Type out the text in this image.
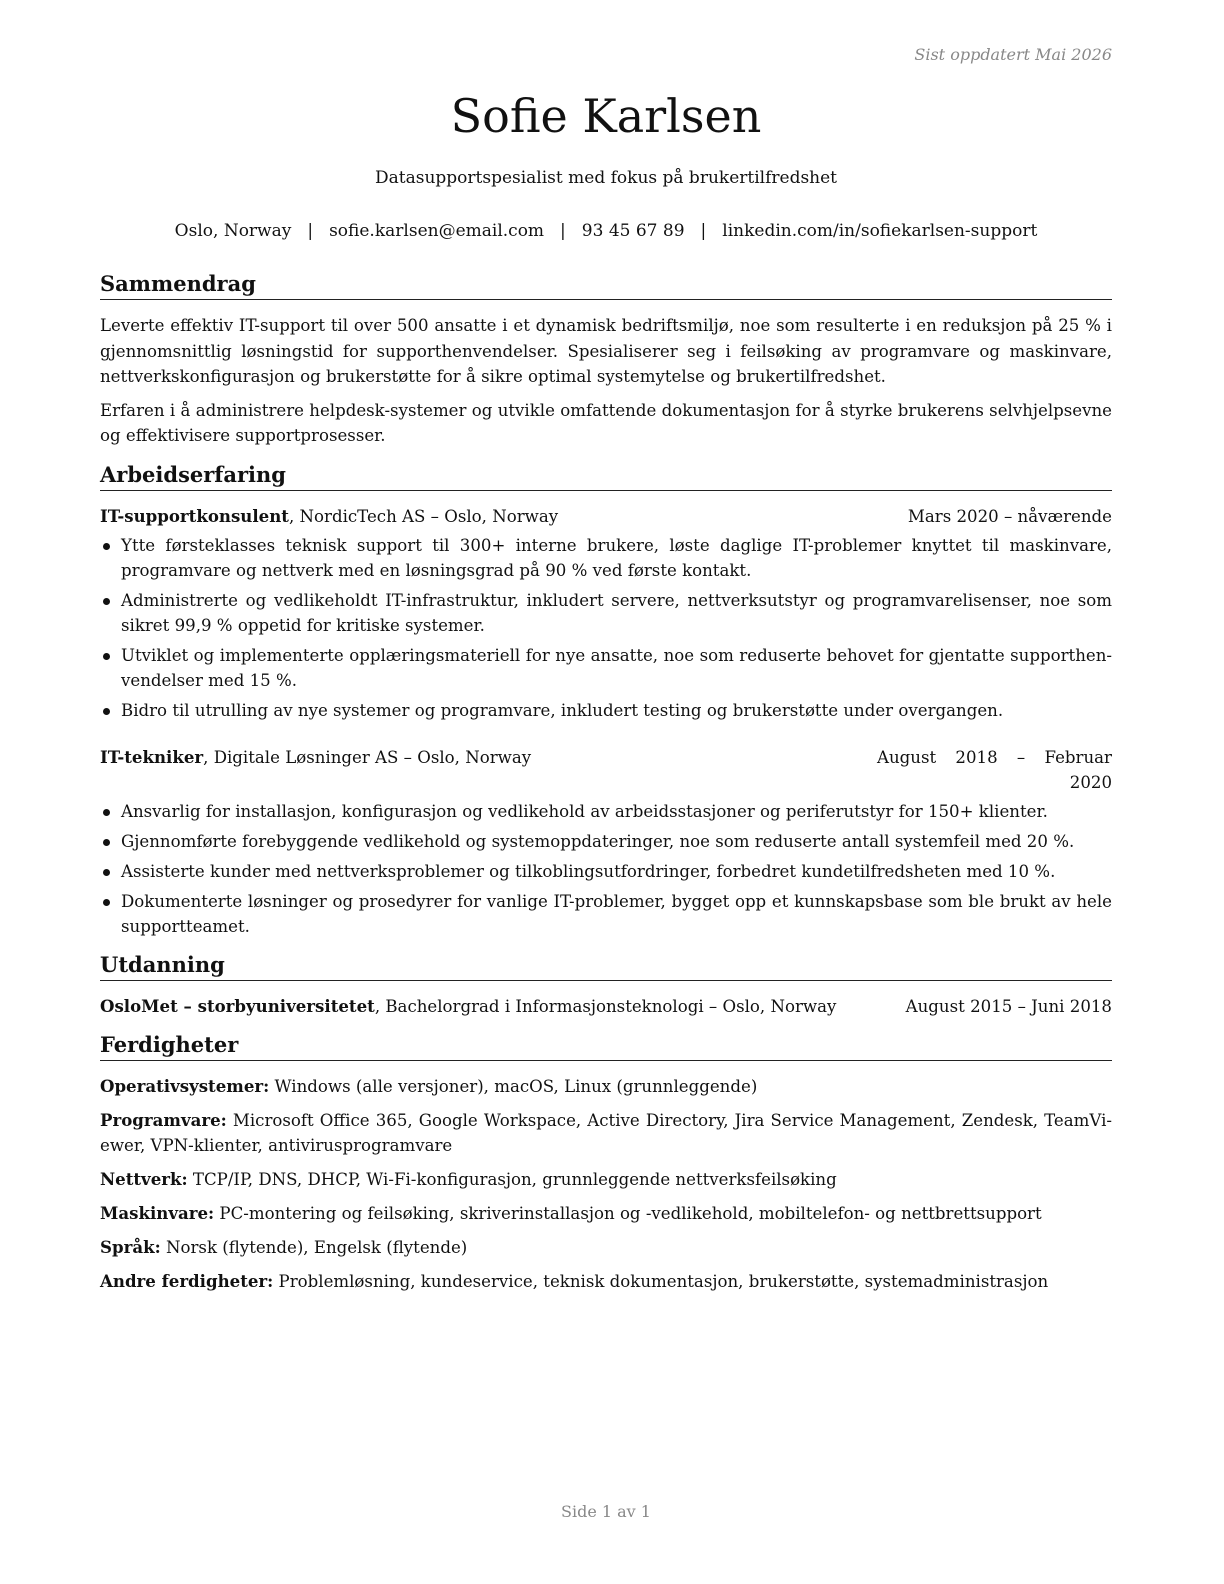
Sist oppdatert Mai 2026
Sofie Karlsen
Datasupportspesialist med fokus på brukertilfredshet
Oslo, Norway | sofie.karlsen@email.com | 93 45 67 89 | linkedin.com/in/sofiekarlsen-support
Sammendrag

Leverte effektiv IT-support til over 500 ansatte i et dynamisk bedriftsmiljø, noe som resulterte i en reduksjon på 25 % i gjennomsnittlig løsningstid for supporthenvendelser. Spesialiserer seg i feilsøking av programvare og maskinvare, nettverkskonfigurasjon og brukerstøtte for å sikre optimal systemytelse og brukertilfredshet.

Erfaren i å administrere helpdesk-systemer og utvikle omfattende dokumentasjon for å styrke brukerens selvhjelpsevne og effektivisere supportprosesser.

Arbeidserfaring
IT-supportkonsulent, NordicTech AS – Oslo, Norway	Mars 2020 – nåværende
Ytte førsteklasses teknisk support til 300+ interne brukere, løste daglige IT-problemer knyttet til maskinvare, programvare og nettverk med en løsningsgrad på 90 % ved første kontakt.
Administrerte og vedlikeholdt IT-infrastruktur, inkludert servere, nettverksutstyr og programvarelisenser, noe som sikret 99,9 % oppetid for kritiske systemer.
Utviklet og implementerte opplæringsmateriell for nye ansatte, noe som reduserte behovet for gjentatte supporthenvendelser med 15 %.
Bidro til utrulling av nye systemer og programvare, inkludert testing og brukerstøtte under overgangen.
IT-tekniker, Digitale Løsninger AS – Oslo, Norway	August 2018 – Februar 2020
Ansvarlig for installasjon, konfigurasjon og vedlikehold av arbeidsstasjoner og periferutstyr for 150+ klienter.
Gjennomførte forebyggende vedlikehold og systemoppdateringer, noe som reduserte antall systemfeil med 20 %.
Assisterte kunder med nettverksproblemer og tilkoblingsutfordringer, forbedret kundetilfredsheten med 10 %.
Dokumenterte løsninger og prosedyrer for vanlige IT-problemer, bygget opp et kunnskapsbase som ble brukt av hele supportteamet.
Utdanning
OsloMet – storbyuniversitetet, Bachelorgrad i Informasjonsteknologi – Oslo, Norway	August 2015 – Juni 2018
Ferdigheter
Operativsystemer: Windows (alle versjoner), macOS, Linux (grunnleggende)
Programvare: Microsoft Office 365, Google Workspace, Active Directory, Jira Service Management, Zendesk, TeamViewer, VPN-klienter, antivirusprogramvare
Nettverk: TCP/IP, DNS, DHCP, Wi-Fi-konfigurasjon, grunnleggende nettverksfeilsøking
Maskinvare: PC-montering og feilsøking, skriverinstallasjon og -vedlikehold, mobiltelefon- og nettbrettsupport
Språk: Norsk (flytende), Engelsk (flytende)
Andre ferdigheter: Problemløsning, kundeservice, teknisk dokumentasjon, brukerstøtte, systemadministrasjon
Side 1 av 1
